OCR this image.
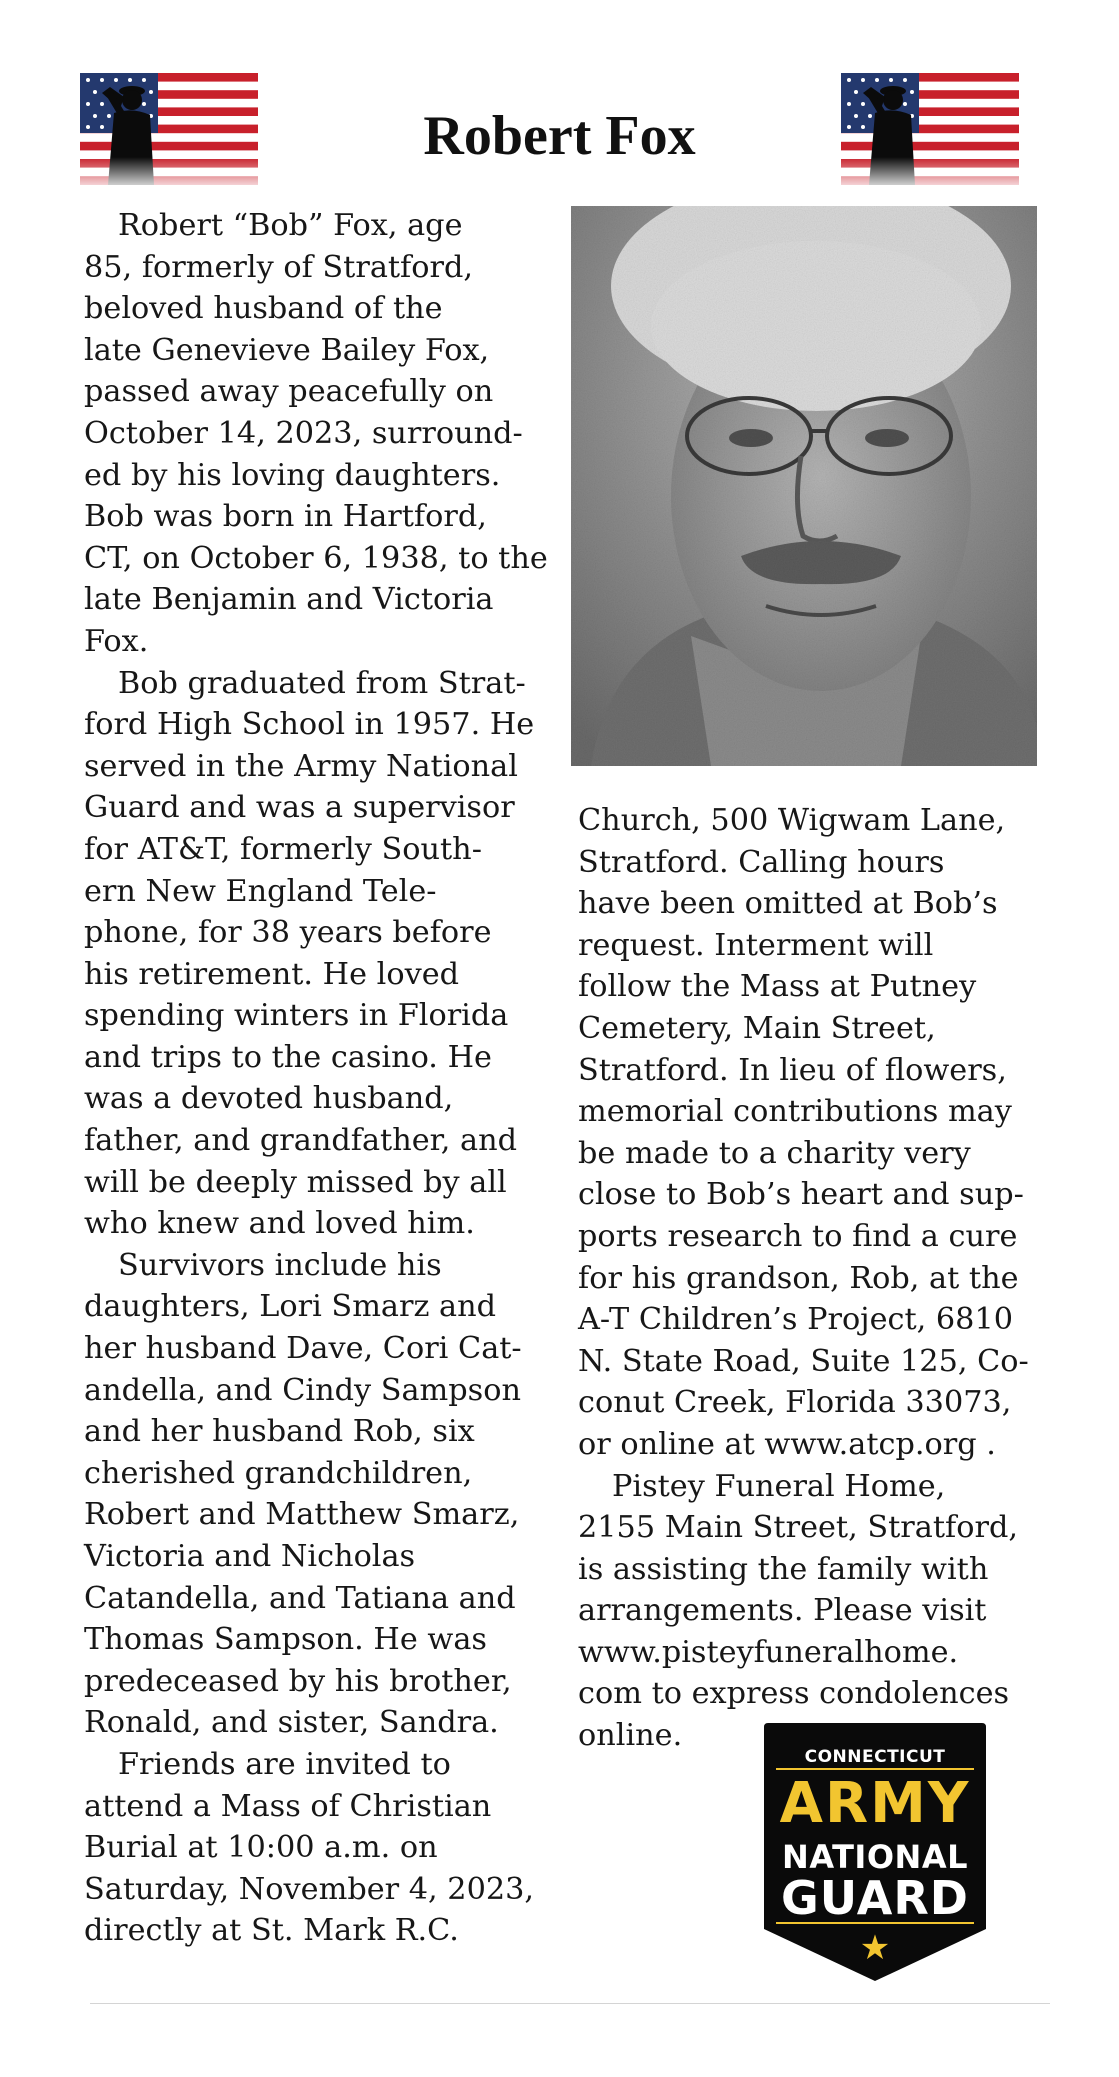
Robert Fox
Robert “Bob” Fox, age
85, formerly of Stratford,
beloved husband of the
late Genevieve Bailey Fox,
passed away peacefully on
October 14, 2023, surround-
ed by his loving daughters.
Bob was born in Hartford,
CT, on October 6, 1938, to the
late Benjamin and Victoria
Fox.
Bob graduated from Strat-
ford High School in 1957. He
served in the Army National
Guard and was a supervisor
for AT&T, formerly South-
ern New England Tele-
phone, for 38 years before
his retirement. He loved
spending winters in Florida
and trips to the casino. He
was a devoted husband,
father, and grandfather, and
will be deeply missed by all
who knew and loved him.
Survivors include his
daughters, Lori Smarz and
her husband Dave, Cori Cat-
andella, and Cindy Sampson
and her husband Rob, six
cherished grandchildren,
Robert and Matthew Smarz,
Victoria and Nicholas
Catandella, and Tatiana and
Thomas Sampson. He was
predeceased by his brother,
Ronald, and sister, Sandra.
Friends are invited to
attend a Mass of Christian
Burial at 10:00 a.m. on
Saturday, November 4, 2023,
directly at St. Mark R.C.
Church, 500 Wigwam Lane,
Stratford. Calling hours
have been omitted at Bob’s
request. Interment will
follow the Mass at Putney
Cemetery, Main Street,
Stratford. In lieu of flowers,
memorial contributions may
be made to a charity very
close to Bob’s heart and sup-
ports research to find a cure
for his grandson, Rob, at the
A-T Children’s Project, 6810
N. State Road, Suite 125, Co-
conut Creek, Florida 33073,
or online at www.atcp.org .
Pistey Funeral Home,
2155 Main Street, Stratford,
is assisting the family with
arrangements. Please visit
www.pisteyfuneralhome.
com to express condolences
online.
CONNECTICUT
ARMY
NATIONAL
GUARD
★
